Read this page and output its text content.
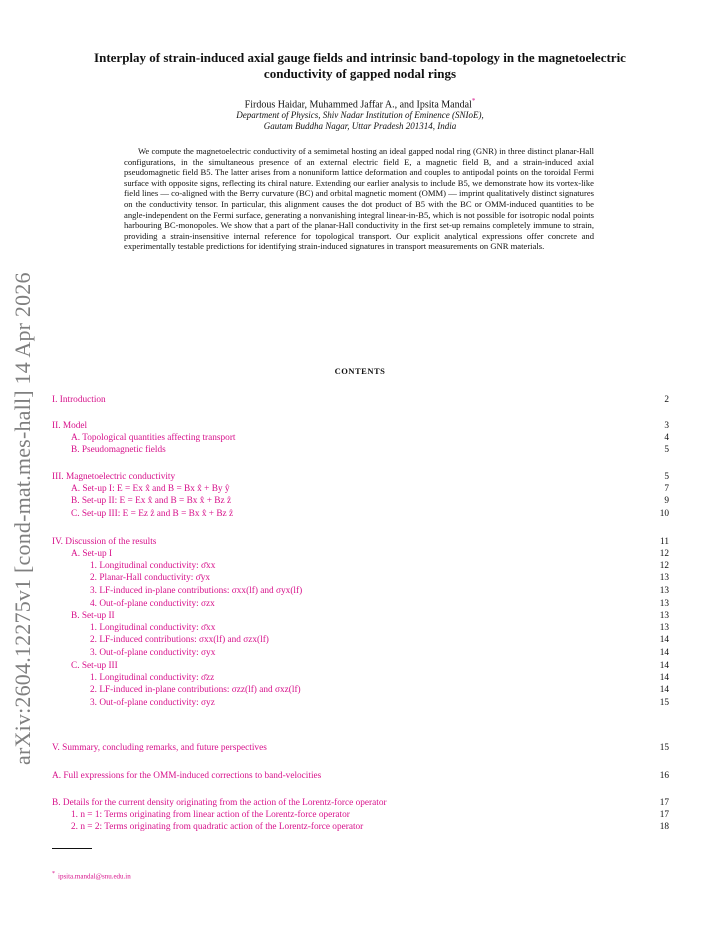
arXiv:2604.12275v1 [cond-mat.mes-hall] 14 Apr 2026
Interplay of strain-induced axial gauge fields and intrinsic band-topology in the magnetoelectric conductivity of gapped nodal rings
Firdous Haidar, Muhammed Jaffar A., and Ipsita Mandal*
Department of Physics, Shiv Nadar Institution of Eminence (SNIoE),
Gautam Buddha Nagar, Uttar Pradesh 201314, India

We compute the magnetoelectric conductivity of a semimetal hosting an ideal gapped nodal ring (GNR) in three distinct planar-Hall configurations, in the simultaneous presence of an external electric field E, a magnetic field B, and a strain-induced axial pseudomagnetic field B5. The latter arises from a nonuniform lattice deformation and couples to antipodal points on the toroidal Fermi surface with opposite signs, reflecting its chiral nature. Extending our earlier analysis to include B5, we demonstrate how its vortex-like field lines — co-aligned with the Berry curvature (BC) and orbital magnetic moment (OMM) — imprint qualitatively distinct signatures on the conductivity tensor. In particular, this alignment causes the dot product of B5 with the BC or OMM-induced quantities to be angle-independent on the Fermi surface, generating a nonvanishing integral linear-in-B5, which is not possible for isotropic nodal points harbouring BC-monopoles. We show that a part of the planar-Hall conductivity in the first set-up remains completely immune to strain, providing a strain-insensitive internal reference for topological transport. Our explicit analytical expressions offer concrete and experimentally testable predictions for identifying strain-induced signatures in transport measurements on GNR materials.

CONTENTS
I. Introduction	2
II. Model	3
A. Topological quantities affecting transport	4
B. Pseudomagnetic fields	5
III. Magnetoelectric conductivity	5
A. Set-up I: E = Ex x̂ and B = Bx x̂ + By ŷ	7
B. Set-up II: E = Ex x̂ and B = Bx x̂ + Bz ẑ	9
C. Set-up III: E = Ez ẑ and B = Bx x̂ + Bz ẑ	10
IV. Discussion of the results	11
A. Set-up I	12
1. Longitudinal conductivity: σ̄xx	12
2. Planar-Hall conductivity: σ̄yx	13
3. LF-induced in-plane contributions: σxx(lf) and σyx(lf)	13
4. Out-of-plane conductivity: σzx	13
B. Set-up II	13
1. Longitudinal conductivity: σ̄xx	13
2. LF-induced contributions: σxx(lf) and σzx(lf)	14
3. Out-of-plane conductivity: σyx	14
C. Set-up III	14
1. Longitudinal conductivity: σ̄zz	14
2. LF-induced in-plane contributions: σzz(lf) and σxz(lf)	14
3. Out-of-plane conductivity: σyz	15
V. Summary, concluding remarks, and future perspectives	15
A. Full expressions for the OMM-induced corrections to band-velocities	16
B. Details for the current density originating from the action of the Lorentz-force operator	17
1. n = 1: Terms originating from linear action of the Lorentz-force operator	17
2. n = 2: Terms originating from quadratic action of the Lorentz-force operator	18
* ipsita.mandal@snu.edu.in
